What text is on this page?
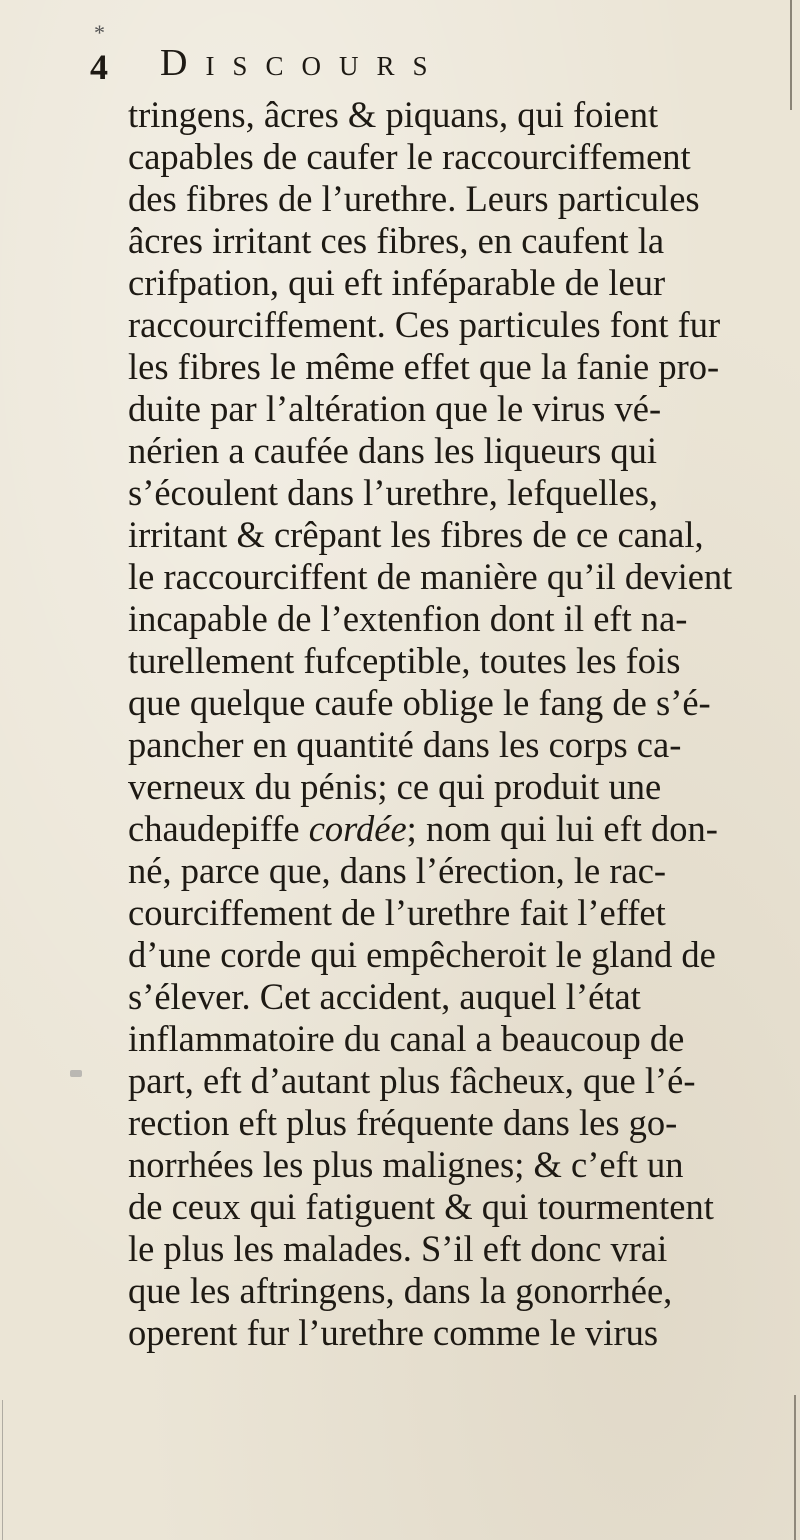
*
4 Discours
tringens, âcres & piquans, qui foient
capables de caufer le raccourciffement
des fibres de l’urethre. Leurs particules
âcres irritant ces fibres, en caufent la
crifpation, qui eft inféparable de leur
raccourciffement. Ces particules font fur
les fibres le même effet que la fanie pro-
duite par l’altération que le virus vé-
nérien a caufée dans les liqueurs qui
s’écoulent dans l’urethre, lefquelles,
irritant & crêpant les fibres de ce canal,
le raccourciffent de manière qu’il devient
incapable de l’extenfion dont il eft na-
turellement fufceptible, toutes les fois
que quelque caufe oblige le fang de s’é-
pancher en quantité dans les corps ca-
verneux du pénis; ce qui produit une
chaudepiffe cordée; nom qui lui eft don-
né, parce que, dans l’érection, le rac-
courciffement de l’urethre fait l’effet
d’une corde qui empêcheroit le gland de
s’élever. Cet accident, auquel l’état
inflammatoire du canal a beaucoup de
part, eft d’autant plus fâcheux, que l’é-
rection eft plus fréquente dans les go-
norrhées les plus malignes; & c’eft un
de ceux qui fatiguent & qui tourmentent
le plus les malades. S’il eft donc vrai
que les aftringens, dans la gonorrhée,
operent fur l’urethre comme le virus
